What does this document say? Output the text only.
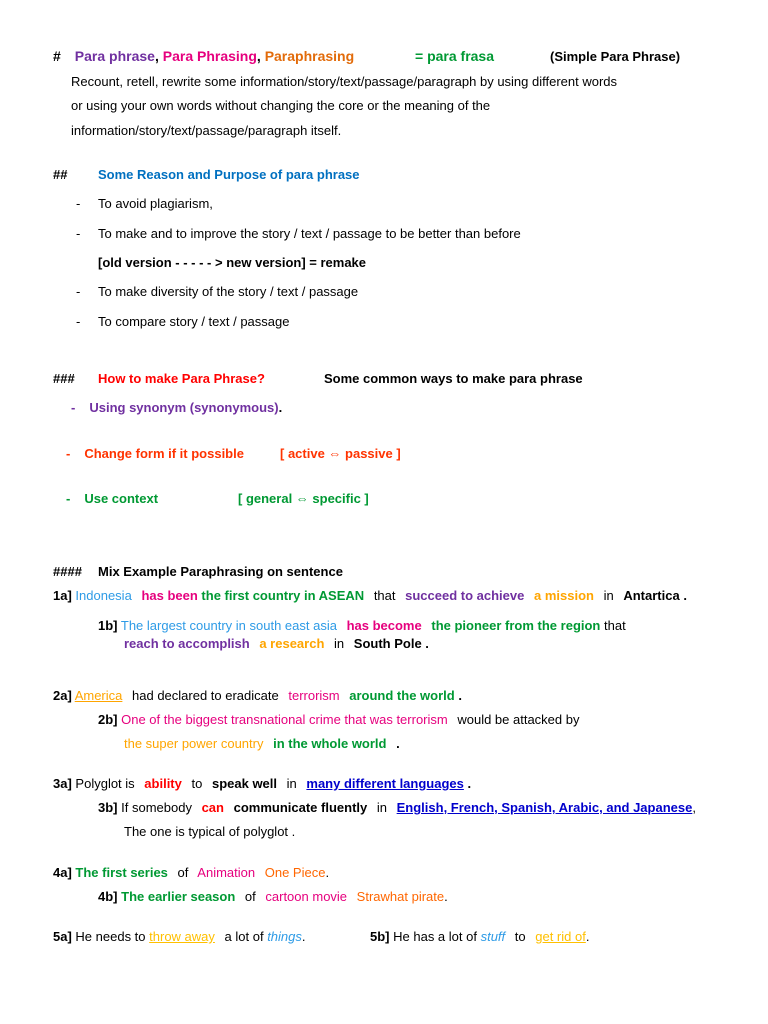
# Para phrase, Para Phrasing, Paraphrasing	= para frasa	(Simple Para Phrase)
Recount, retell, rewrite some information/story/text/passage/paragraph by using different words
or using your own words without changing the core or the meaning of the
information/story/text/passage/paragraph itself.
## Some Reason and Purpose of para phrase
- To avoid plagiarism,
- To make and to improve the story / text / passage to be better than before
[old version - - - - - > new version] = remake
- To make diversity of the story / text / passage
- To compare story / text / passage
### How to make Para Phrase?	Some common ways to make para phrase
- Using synonym (synonymous).
- Change form if it possible	[ active ⇔ passive ]
- Use context	[ general ⇔ specific ]
#### Mix Example Paraphrasing on sentence
1a] Indonesia has been the first country in ASEAN that succeed to achieve a mission in Antartica .
1b] The largest country in south east asia has become the pioneer from the region that
reach to accomplish a research in South Pole .
2a] America had declared to eradicate terrorism around the world .
2b] One of the biggest transnational crime that was terrorism would be attacked by
the super power country in the whole world .
3a] Polyglot is ability to speak well in many different languages .
3b] If somebody can communicate fluently in English, French, Spanish, Arabic, and Japanese,
The one is typical of polyglot .
4a] The first series of Animation One Piece.
4b] The earlier season of cartoon movie Strawhat pirate.
5a] He needs to throw away a lot of things.	5b] He has a lot of stuff to get rid of.
